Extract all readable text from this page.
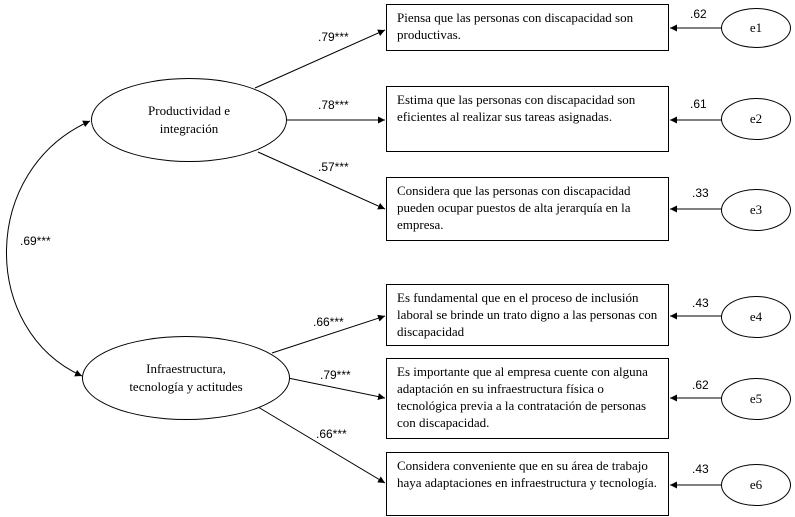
Productividad e integración
Infraestructura, tecnología y actitudes
.69***
.79***
.78***
.57***
.66***
.79***
.66***
Piensa que las personas con discapacidad son productivas.
Estima que las personas con discapacidad son eficientes al realizar sus tareas asignadas.
Considera que las personas con discapacidad pueden ocupar puestos de alta jerarquía en la empresa.
Es fundamental que en el proceso de inclusión laboral se brinde un trato digno a las personas con discapacidad
Es importante que al empresa cuente con alguna adaptación en su infraestructura física o tecnológica previa a la contratación de personas con discapacidad.
Considera conveniente que en su área de trabajo haya adaptaciones en infraestructura y tecnología.
.62
.61
.33
.43
.62
.43
e1
e2
e3
e4
e5
e6
